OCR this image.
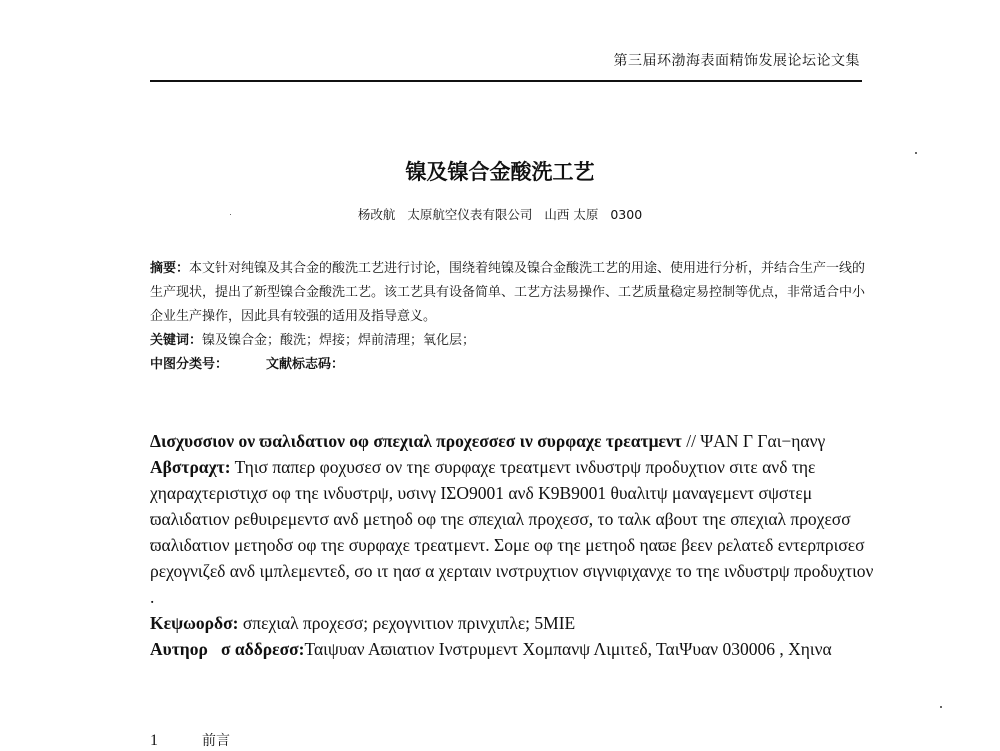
第三届环渤海表面精饰发展论坛论文集
镍及镍合金酸洗工艺
杨改航 太原航空仪表有限公司 山西 太原 0300

摘要：本文针对纯镍及其合金的酸洗工艺进行讨论，围绕着纯镍及镍合金酸洗工艺的用途、使用进行分析，并结合生产一线的生产现状，提出了新型镍合金酸洗工艺。该工艺具有设备简单、工艺方法易操作、工艺质量稳定易控制等优点，非常适合中小企业生产操作，因此具有较强的适用及指导意义。

关键词：镍及镍合金；酸洗；焊接；焊前清理；氧化层；

中图分类号：	文献标志码：

Δισχυσσιον ον ϖαλιδατιον οφ σπεχιαλ προχεσσεσ ιν συρφαχε τρεατμεντ // ΨΑΝ Γ Γαι−ηανγ

Αβστραχτ: Τηισ παπερ φοχυσεσ ον τηε συρφαχε τρεατμεντ ινδυστρψ προδυχτιον σιτε ανδ τηε χηαραχτεριστιχσ οφ τηε ινδυστρψ, υσινγ ΙΣΟ9001 ανδ Κ9Β9001 θυαλιτψ μαναγεμεντ σψστεμ ϖαλιδατιον ρεθυιρεμεντσ ανδ μετηοδ οφ τηε σπεχιαλ προχεσσ, το ταλκ αβουτ τηε σπεχιαλ προχεσσ ϖαλιδατιον μετηοδσ οφ τηε συρφαχε τρεατμεντ. Σομε οφ τηε μετηοδ ηαϖε βεεν ρελατεδ εντερπρισεσ ρεχογνιζεδ ανδ ιμπλεμεντεδ, σο ιτ ηασ α χερταιν ινστρυχτιον σιγνιφιχανχε το τηε ινδυστρψ προδυχτιον .

Κεψωορδσ: σπεχιαλ προχεσσ; ρεχογνιτιον πρινχιπλε; 5ΜΙΕ

Αυτηορ   σ αδδρεσσ:Ταιψυαν Αϖιατιον Ινστρυμεντ Χομπανψ Λιμιτεδ, ΤαιΨυαν 030006 , Χηινα

1	前言
